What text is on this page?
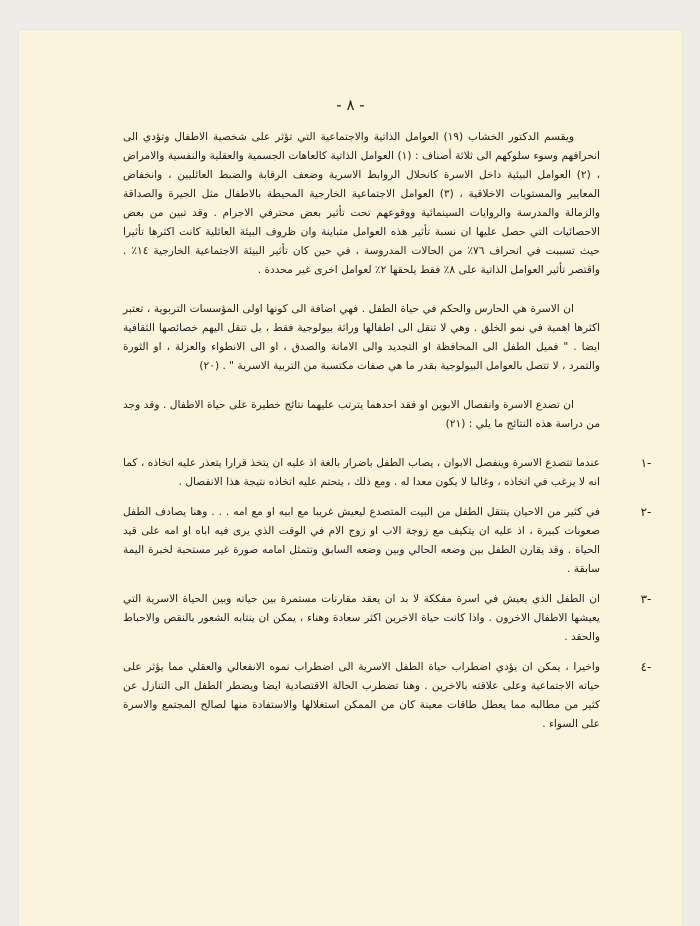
- ٨ -

ويقسم الدكتور الخشاب (١٩) العوامل الذاتية والاجتماعية التي تؤثر على شخصية الاطفال وتؤدي الى انحرافهم وسوء سلوكهم الى ثلاثة أصناف : (١) العوامل الذاتية كالعاهات الجسمية والعقلية والنفسية والامراض ، (٢) العوامل البيئية داخل الاسرة كانحلال الروابط الاسرية وضعف الرقابة والضبط العائليين ، وانخفاض المعايير والمستويات الاخلاقية ، (٣) العوامل الاجتماعية الخارجية المحيطة بالاطفال مثل الجيرة والصداقة والزمالة والمدرسة والروايات السينمائية ووقوعهم تحت تأثير بعض محترفي الاجرام . وقد تبين من بعض الاحصائيات التي حصل عليها ان نسبة تأثير هذه العوامل متباينة وان ظروف البيئة العائلية كانت اكثرها تأثيرا حيث تسببت في انحراف ٧٦٪ من الحالات المدروسة ، في حين كان تأثير البيئة الاجتماعية الخارجية ١٤٪ . واقتصر تأثير العوامل الذاتية على ٨٪ فقط يلحقها ٢٪ لعوامل اخرى غير محددة .

ان الاسرة هي الحارس والحكم في حياة الطفل . فهي اضافة الى كونها اولى المؤسسات التربوية ، تعتبر اكثرها اهمية في نمو الخلق . وهي لا تنقل الى اطفالها وراثة بيولوجية فقط ، بل تنقل اليهم خصائصها الثقافية ايضا . " فميل الطفل الى المحافظة او التجديد والى الامانة والصدق ، او الى الانطواء والعزلة ، او الثورة والتمرد ، لا تتصل بالعوامل البيولوجية بقدر ما هي صفات مكتسبة من التربية الاسرية " . (٢٠)

ان تصدع الاسرة وانفصال الابوين او فقد احدهما يترتب عليهما نتائج خطيرة على حياة الاطفال . وقد وجد من دراسة هذه النتائج ما يلي : (٢١)

-١
عندما تتصدع الاسرة وينفصل الابوان ، يصاب الطفل باضرار بالغة اذ عليه ان يتخذ قرارا يتعذر عليه اتخاذه ، كما انه لا يرغب في اتخاذه ، وغالبا لا يكون معدا له . ومع ذلك ، يتحتم عليه اتخاذه نتيجة هذا الانفصال .
-٢
في كثير من الاحيان ينتقل الطفل من البيت المتصدع ليعيش غريبا مع ابيه او مع امه . . . وهنا يصادف الطفل صعوبات كبيرة ، اذ عليه ان يتكيف مع زوجة الاب او زوج الام في الوقت الذي يرى فيه اباه او امه على قيد الحياة . وقد يقارن الطفل بين وضعه الحالي وبين وضعه السابق وتتمثل امامه صورة غير مستحبة لخبرة اليمة سابقة .
-٣
ان الطفل الذي يعيش في اسرة مفككة لا بد ان يعقد مقارنات مستمرة بين حياته وبين الحياة الاسرية التي يعيشها الاطفال الاخرون . واذا كانت حياة الاخرين اكثر سعادة وهناء ، يمكن ان ينتابه الشعور بالنقص والاحباط والحقد .
-٤
واخيرا ، يمكن ان يؤدي اضطراب حياة الطفل الاسرية الى اضطراب نموه الانفعالي والعقلي مما يؤثر على حياته الاجتماعية وعلى علاقته بالاخرين . وهنا تضطرب الحالة الاقتصادية ايضا ويضطر الطفل الى التنازل عن كثير من مطالبه مما يعطل طاقات معينة كان من الممكن استغلالها والاستفادة منها لصالح المجتمع والاسرة على السواء .
